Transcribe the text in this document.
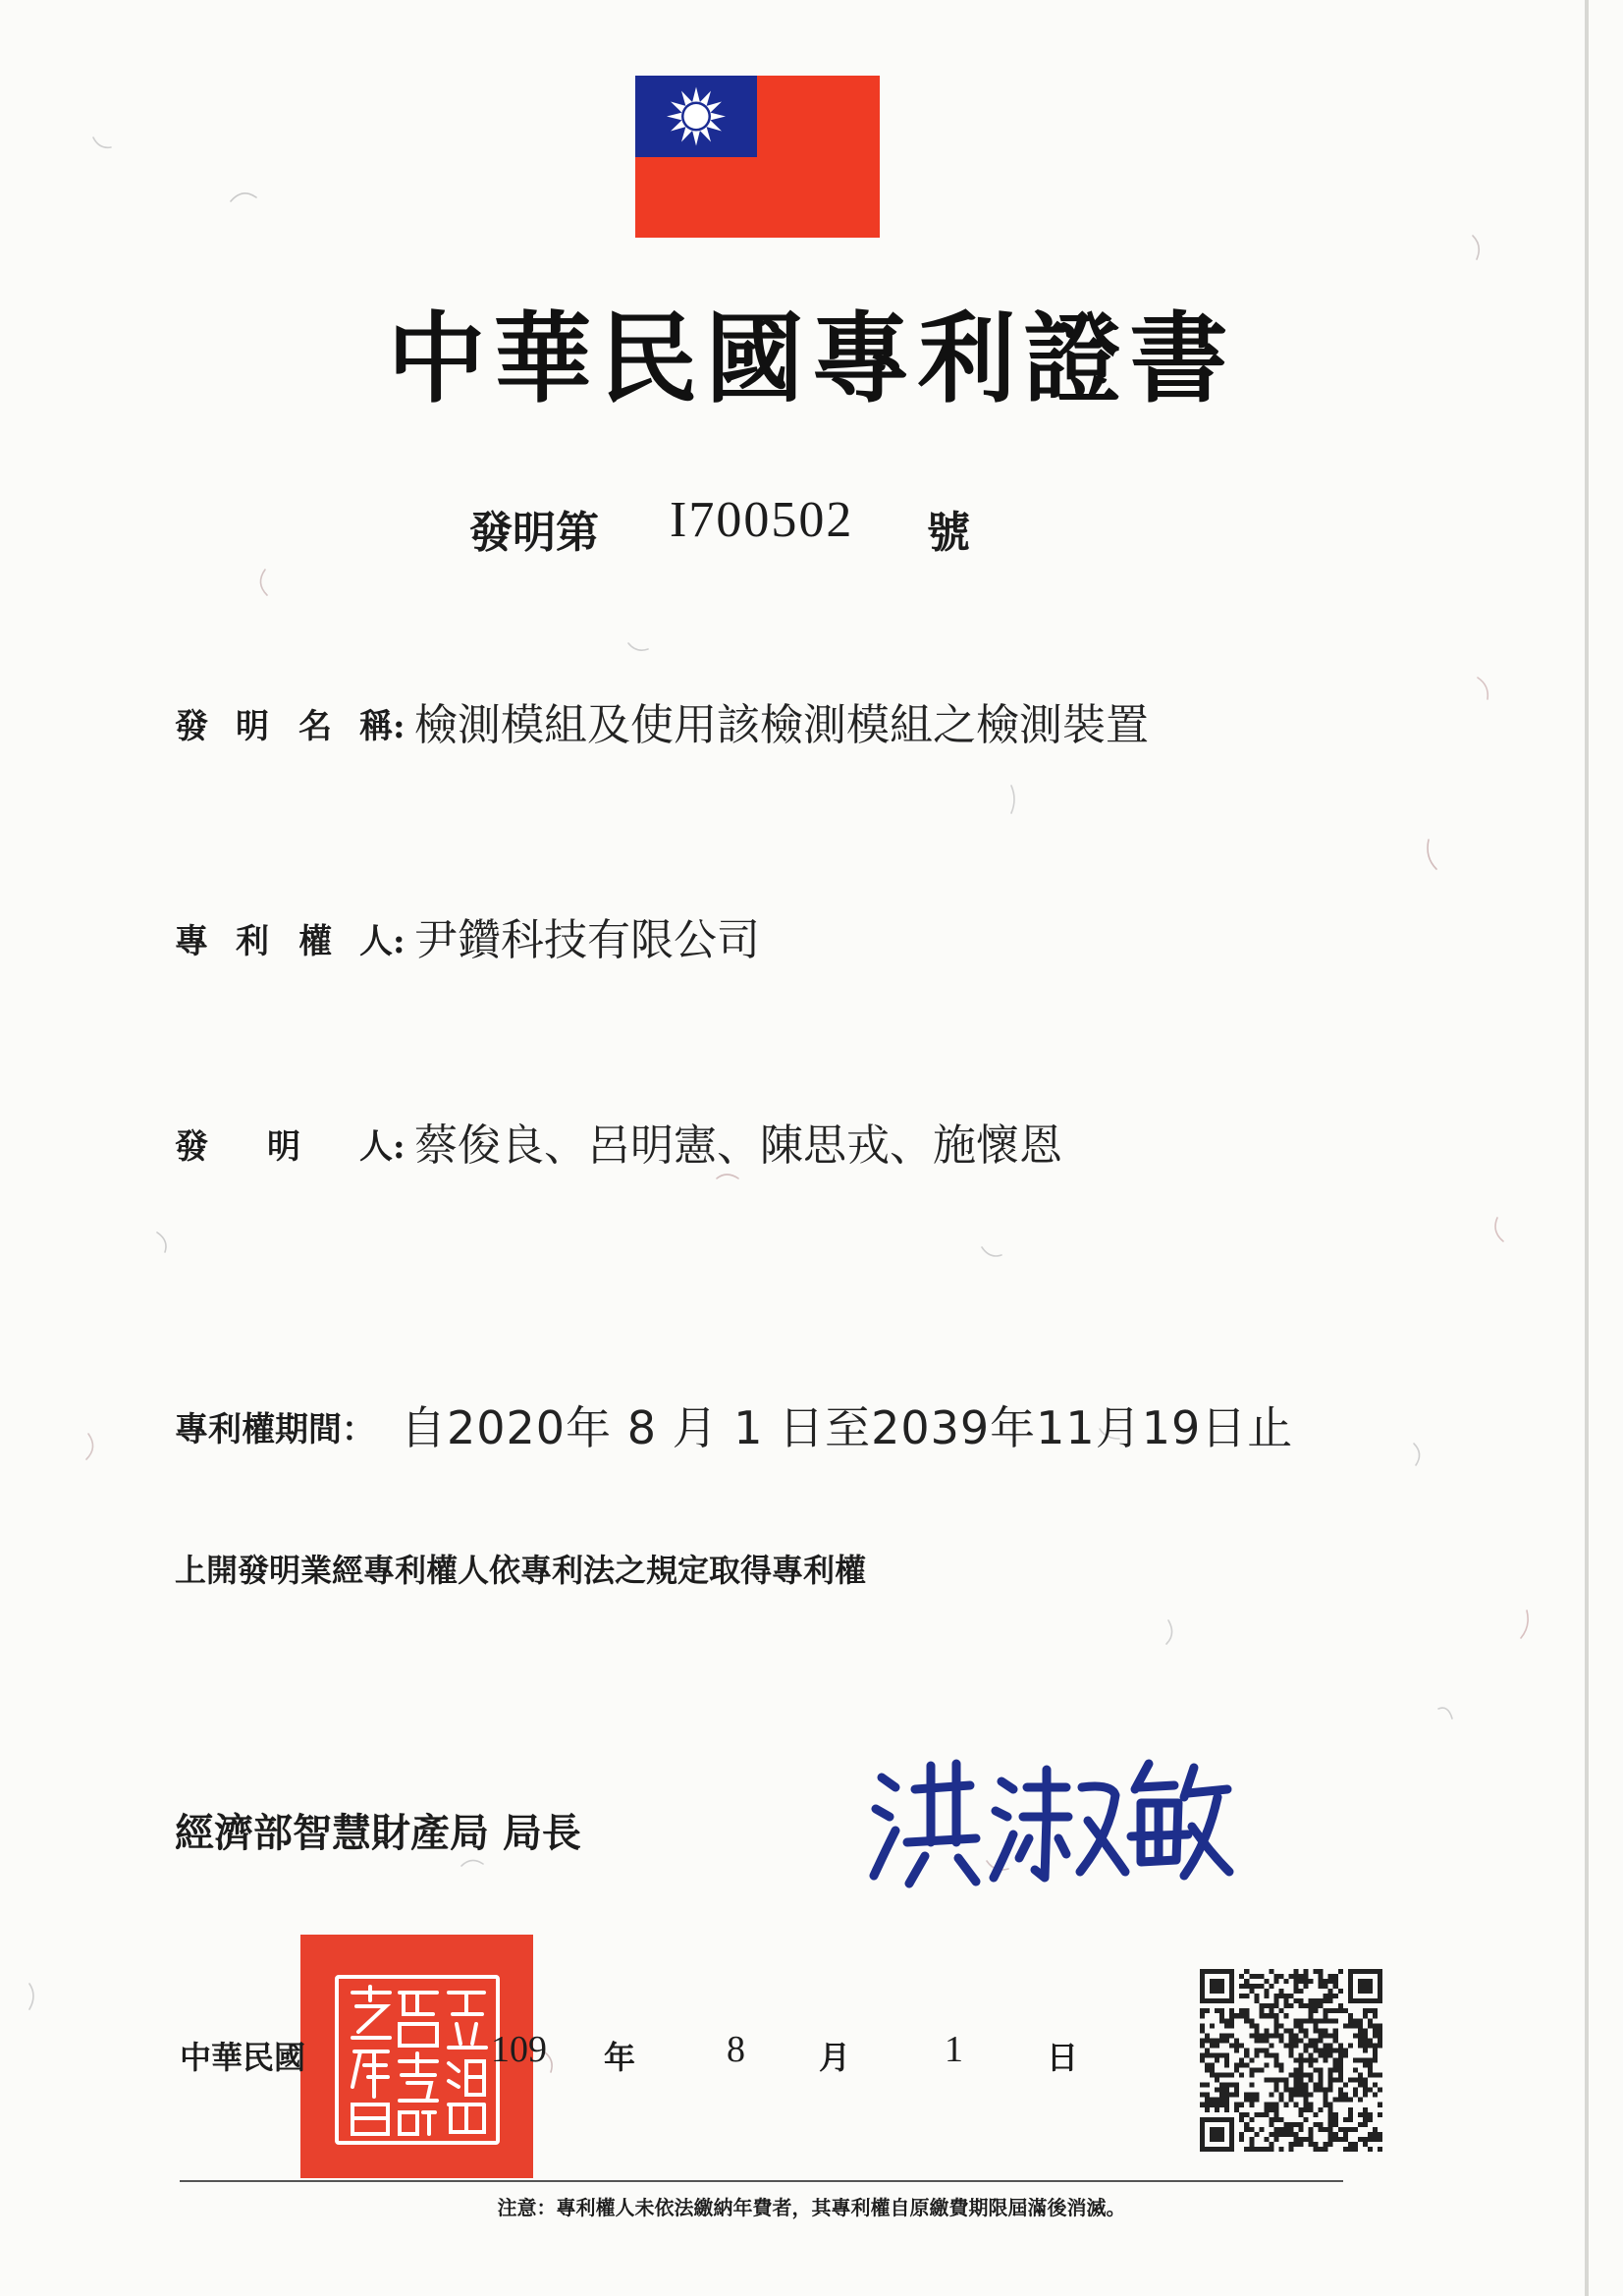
中華民國專利證書
發明第 I700502 號
發 明 名 稱: 檢測模組及使用該檢測模組之檢測裝置
專 利 權 人: 尹鑽科技有限公司
發 明 人: 蔡俊良、呂明憲、陳思戎、施懷恩
專利權期間： 自2020年 8 月 1 日至2039年11月19日止
上開發明業經專利權人依專利法之規定取得專利權
經濟部智慧財產局 局長
中華民國	109 年 8 月	1	日
注意：專利權人未依法繳納年費者，其專利權自原繳費期限屆滿後消滅。
